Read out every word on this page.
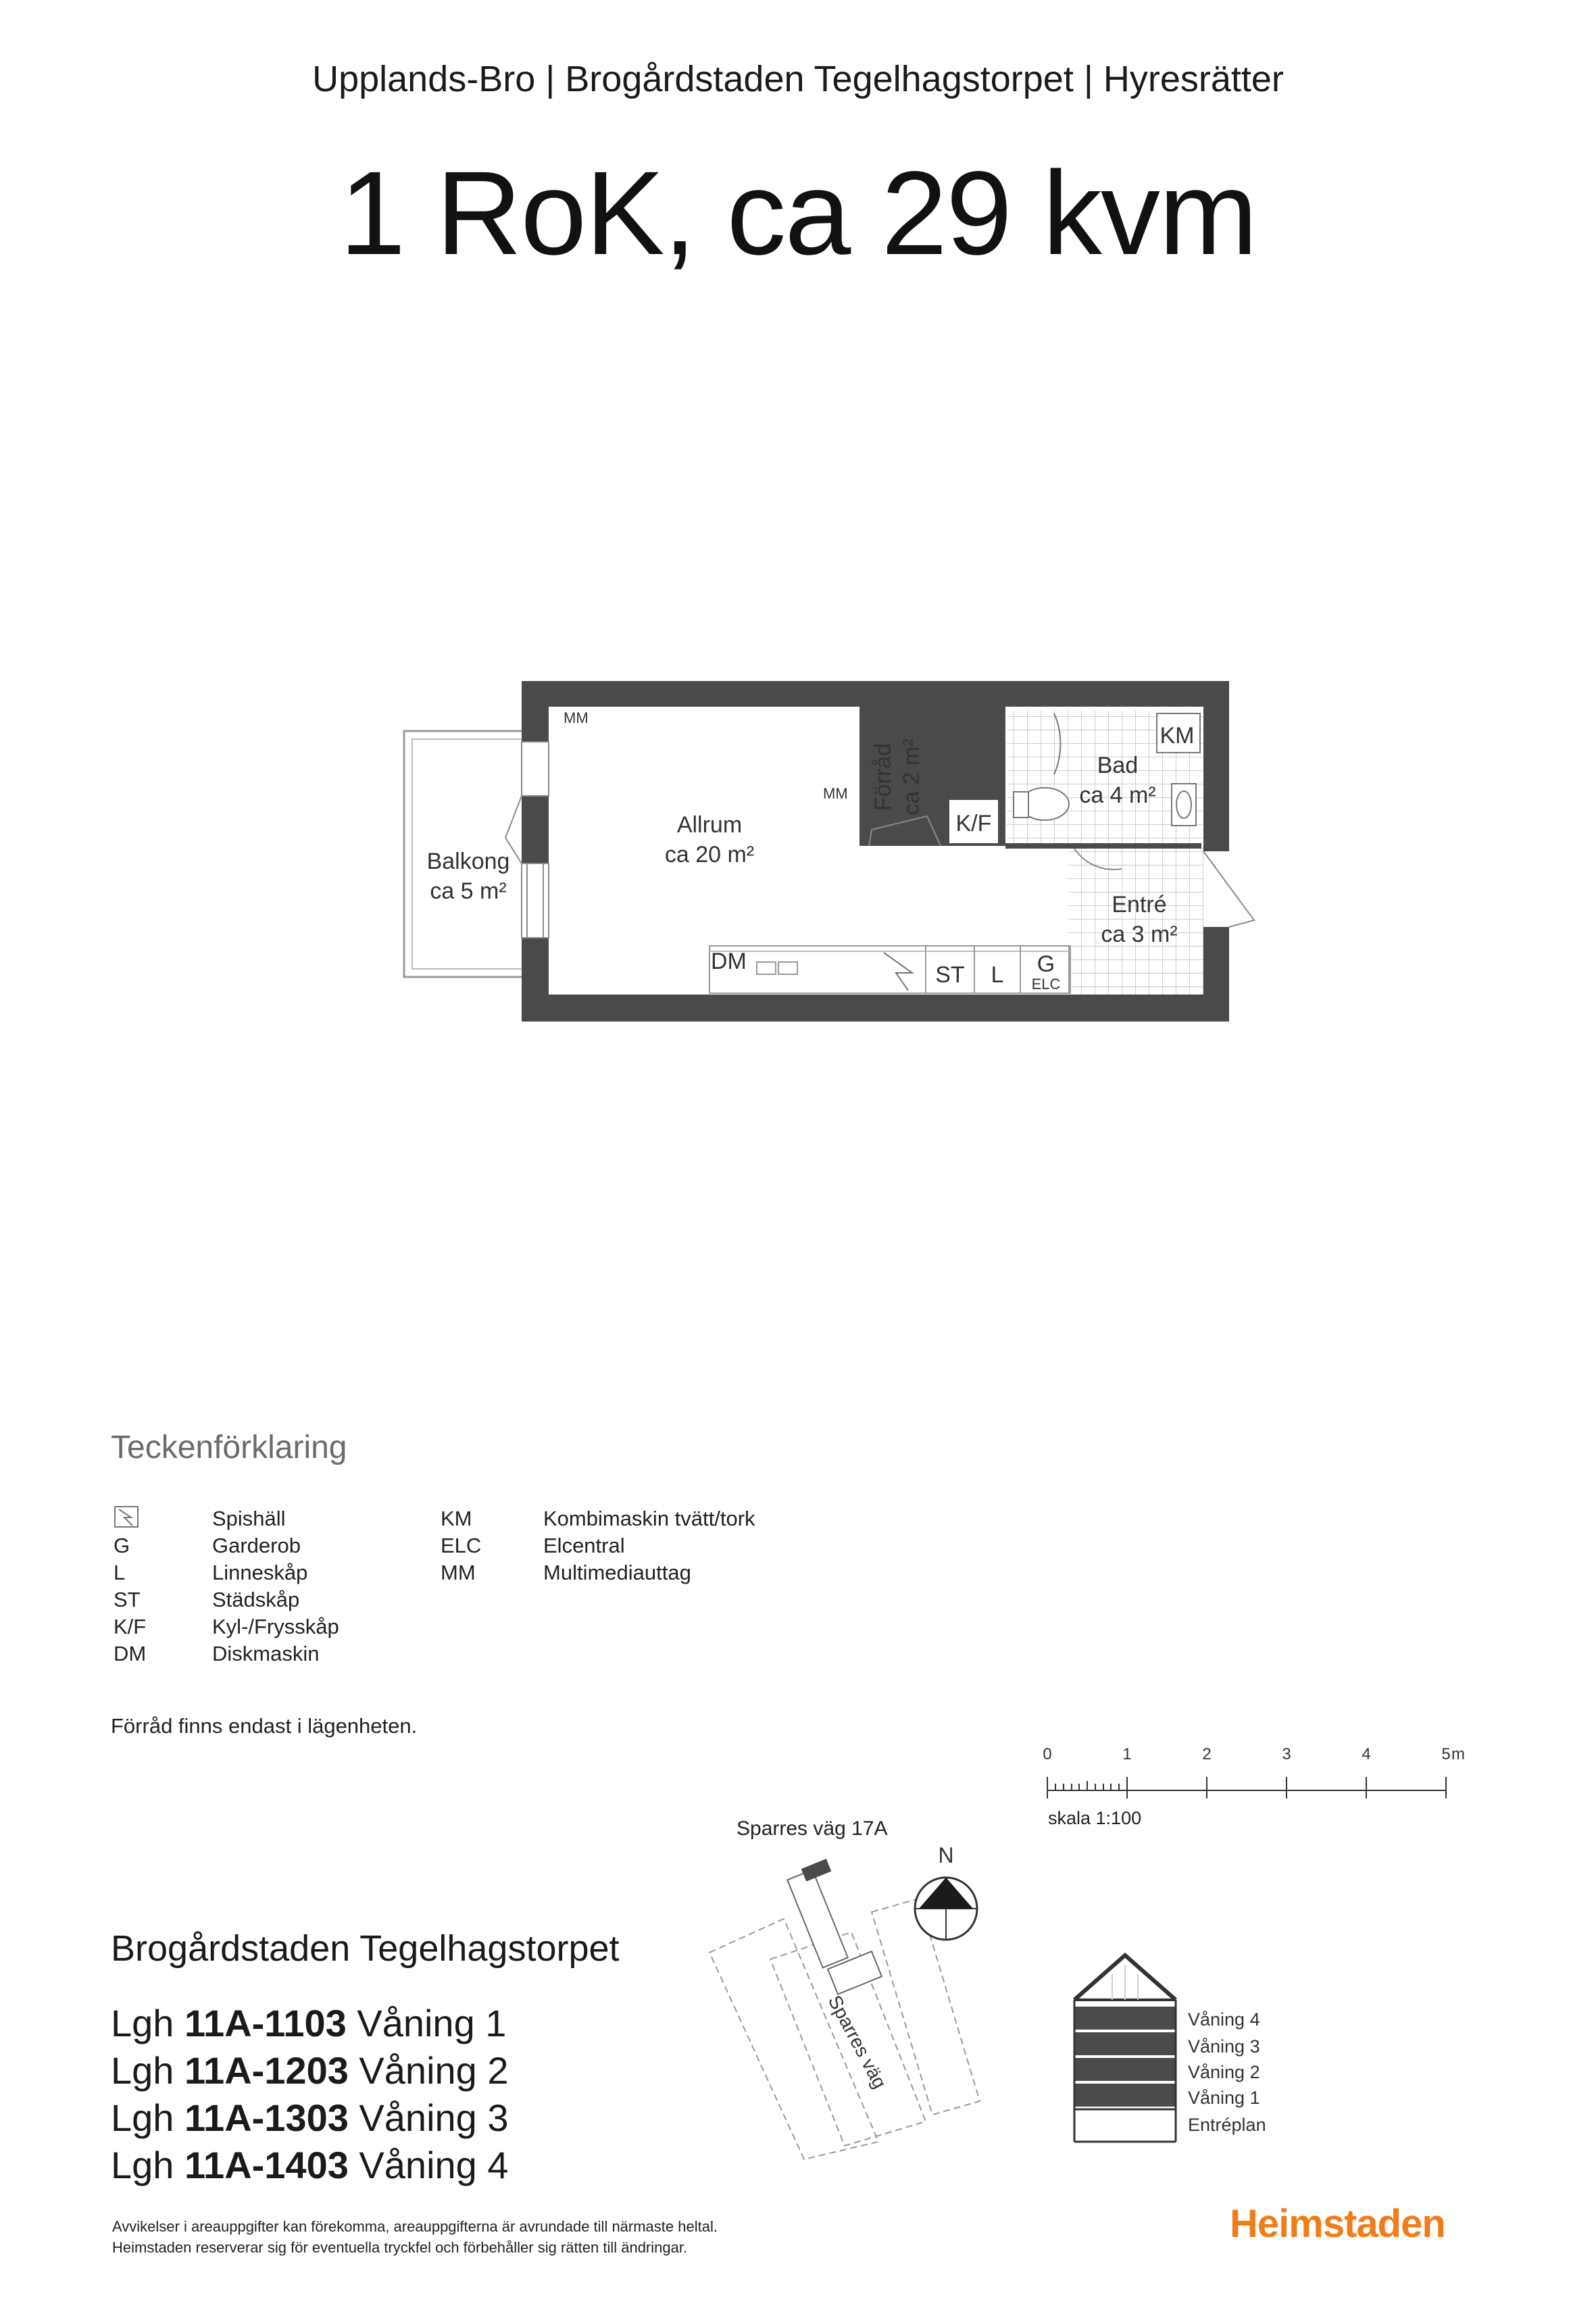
Upplands-Bro | Brogårdstaden Tegelhagstorpet | Hyresrätter
1 RoK, ca 29 kvm
Balkong
ca 5 m²
Allrum
ca 20 m²
Förråd ca 2 m²	Bad
ca 4 m²
Entré
ca 3 m²
MM
MM
K/F
KM
DM
ST L G
ELC
Teckenförklaring
Spishäll
G	Garderob
L	Linneskåp
ST	Städskåp
K/F	Kyl-/Frysskåp
DM	Diskmaskin
KM	Kombimaskin tvätt/tork
ELC	Elcentral
MM	Multimediauttag
Förråd finns endast i lägenheten.
0	1	2	3	4	5 m
skala 1:100
Sparres väg 17A
Sparres väg
N
Våning 4
Våning 3
Våning 2
Våning 1
Entréplan
Brogårdstaden Tegelhagstorpet
Lgh 11A-1103 Våning 1
Lgh 11A-1203 Våning 2
Lgh 11A-1303 Våning 3
Lgh 11A-1403 Våning 4
Avvikelser i areauppgifter kan förekomma, areauppgifterna är avrundade till närmaste heltal.
Heimstaden reserverar sig för eventuella tryckfel och förbehåller sig rätten till ändringar.
Heimstaden
